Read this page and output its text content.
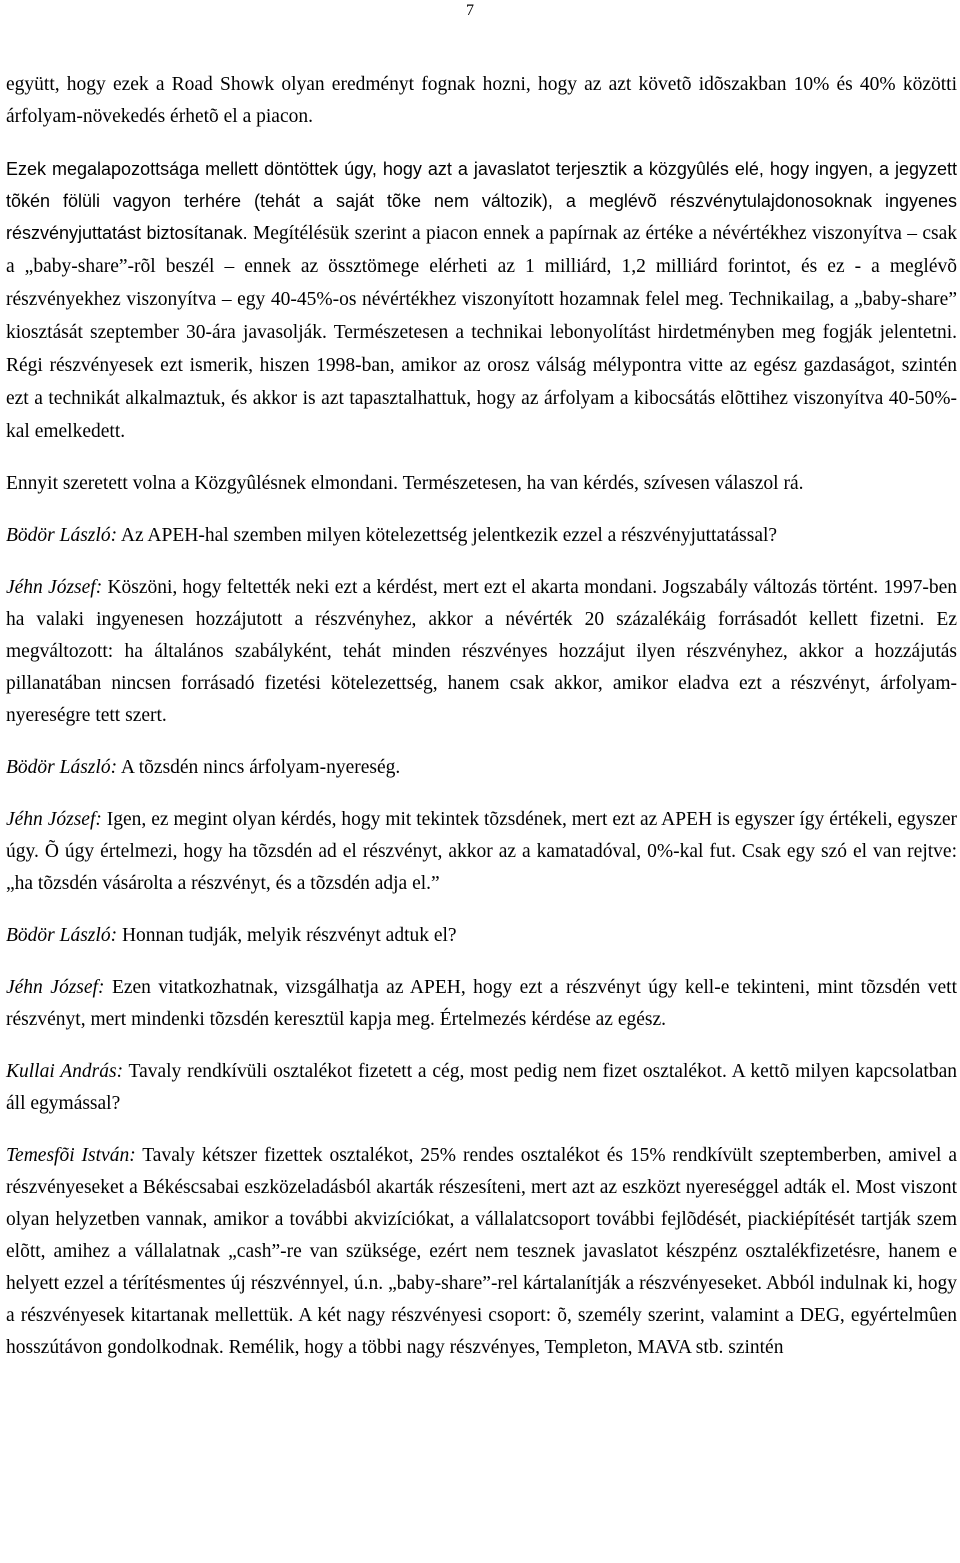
7

együtt, hogy ezek a Road Showk olyan eredményt fognak hozni, hogy az azt követõ idõszakban 10% és 40% közötti árfolyam-növekedés érhetõ el a piacon.

Ezek megalapozottsága mellett döntöttek úgy, hogy azt a javaslatot terjesztik a közgyûlés elé, hogy ingyen, a jegyzett tõkén fölüli vagyon terhére (tehát a saját tõke nem változik), a meglévõ részvénytulajdonosoknak ingyenes részvényjuttatást biztosítanak. Megítélésük szerint a piacon ennek a papírnak az értéke a névértékhez viszonyítva – csak a „baby-share”-rõl beszél – ennek az össztömege elérheti az 1 milliárd, 1,2 milliárd forintot, és ez - a meglévõ részvényekhez viszonyítva – egy 40-45%-os névértékhez viszonyított hozamnak felel meg. Technikailag, a „baby-share” kiosztását szeptember 30-ára javasolják. Természetesen a technikai lebonyolítást hirdetményben meg fogják jelentetni. Régi részvényesek ezt ismerik, hiszen 1998-ban, amikor az orosz válság mélypontra vitte az egész gazdaságot, szintén ezt a technikát alkalmaztuk, és akkor is azt tapasztalhattuk, hogy az árfolyam a kibocsátás elõttihez viszonyítva 40-50%-kal emelkedett.

Ennyit szeretett volna a Közgyûlésnek elmondani. Természetesen, ha van kérdés, szívesen válaszol rá.

Bödör László: Az APEH-hal szemben milyen kötelezettség jelentkezik ezzel a részvényjuttatással?

Jéhn József: Köszöni, hogy feltették neki ezt a kérdést, mert ezt el akarta mondani. Jogszabály változás történt. 1997-ben ha valaki ingyenesen hozzájutott a részvényhez, akkor a névérték 20 százalékáig forrásadót kellett fizetni. Ez megváltozott: ha általános szabályként, tehát minden részvényes hozzájut ilyen részvényhez, akkor a hozzájutás pillanatában nincsen forrásadó fizetési kötelezettség, hanem csak akkor, amikor eladva ezt a részvényt, árfolyam-nyereségre tett szert.

Bödör László: A tõzsdén nincs árfolyam-nyereség.

Jéhn József: Igen, ez megint olyan kérdés, hogy mit tekintek tõzsdének, mert ezt az APEH is egyszer így értékeli, egyszer úgy. Õ úgy értelmezi, hogy ha tõzsdén ad el részvényt, akkor az a kamatadóval, 0%-kal fut. Csak egy szó el van rejtve: „ha tõzsdén vásárolta a részvényt, és a tõzsdén adja el.”

Bödör László: Honnan tudják, melyik részvényt adtuk el?

Jéhn József: Ezen vitatkozhatnak, vizsgálhatja az APEH, hogy ezt a részvényt úgy kell-e tekinteni, mint tõzsdén vett részvényt, mert mindenki tõzsdén keresztül kapja meg. Értelmezés kérdése az egész.

Kullai András: Tavaly rendkívüli osztalékot fizetett a cég, most pedig nem fizet osztalékot. A kettõ milyen kapcsolatban áll egymással?

Temesfõi István: Tavaly kétszer fizettek osztalékot, 25% rendes osztalékot és 15% rendkívült szeptemberben, amivel a részvényeseket a Békéscsabai eszközeladásból akarták részesíteni, mert azt az eszközt nyereséggel adták el. Most viszont olyan helyzetben vannak, amikor a további akvizíciókat, a vállalatcsoport további fejlõdését, piackiépítését tartják szem elõtt, amihez a vállalatnak „cash”-re van szüksége, ezért nem tesznek javaslatot készpénz osztalékfizetésre, hanem e helyett ezzel a térítésmentes új részvénnyel, ú.n. „baby-share”-rel kártalanítják a részvényeseket. Abból indulnak ki, hogy a részvényesek kitartanak mellettük. A két nagy részvényesi csoport: õ, személy szerint, valamint a DEG, egyértelmûen hosszútávon gondolkodnak. Remélik, hogy a többi nagy részvényes, Templeton, MAVA stb. szintén
